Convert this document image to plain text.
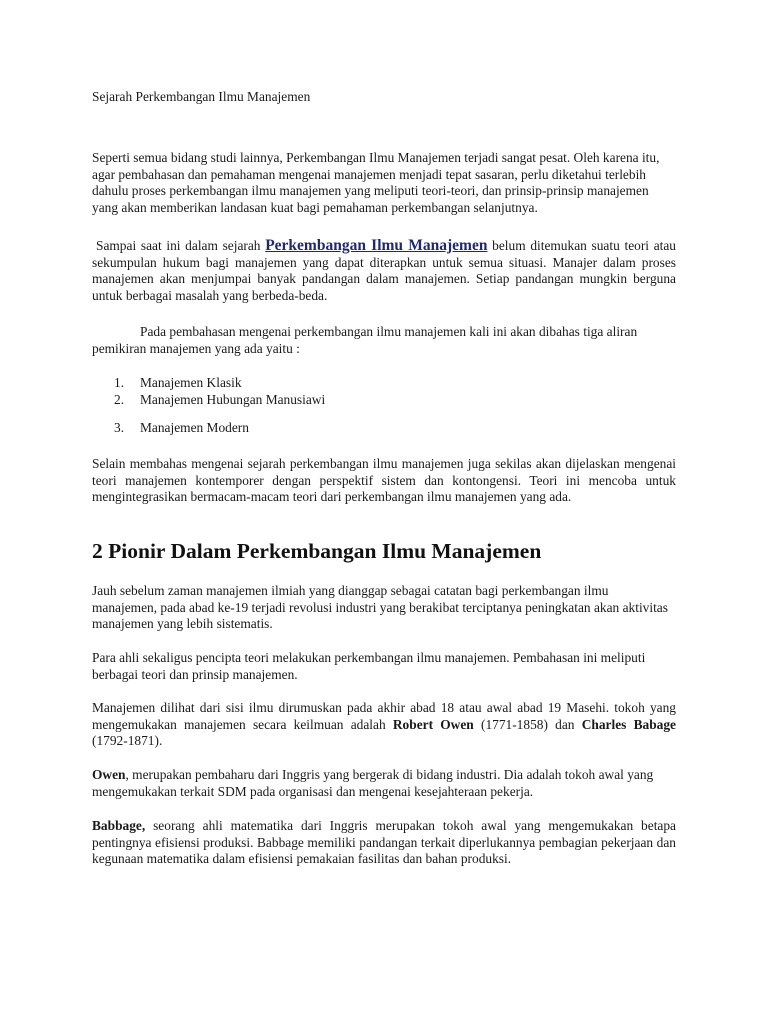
Sejarah Perkembangan Ilmu Manajemen
Seperti semua bidang studi lainnya, Perkembangan Ilmu Manajemen terjadi sangat pesat. Oleh karena itu, agar pembahasan dan pemahaman mengenai manajemen menjadi tepat sasaran, perlu diketahui terlebih dahulu proses perkembangan ilmu manajemen yang meliputi teori-teori, dan prinsip-prinsip manajemen yang akan memberikan landasan kuat bagi pemahaman perkembangan selanjutnya.
Sampai saat ini dalam sejarah Perkembangan Ilmu Manajemen belum ditemukan suatu teori atau sekumpulan hukum bagi manajemen yang dapat diterapkan untuk semua situasi. Manajer dalam proses manajemen akan menjumpai banyak pandangan dalam manajemen. Setiap pandangan mungkin berguna untuk berbagai masalah yang berbeda-beda.
Pada pembahasan mengenai perkembangan ilmu manajemen kali ini akan dibahas tiga aliran pemikiran manajemen yang ada yaitu :
1. Manajemen Klasik
2. Manajemen Hubungan Manusiawi
3. Manajemen Modern
Selain membahas mengenai sejarah perkembangan ilmu manajemen juga sekilas akan dijelaskan mengenai teori manajemen kontemporer dengan perspektif sistem dan kontongensi. Teori ini mencoba untuk mengintegrasikan bermacam-macam teori dari perkembangan ilmu manajemen yang ada.
2 Pionir Dalam Perkembangan Ilmu Manajemen
Jauh sebelum zaman manajemen ilmiah yang dianggap sebagai catatan bagi perkembangan ilmu manajemen, pada abad ke-19 terjadi revolusi industri yang berakibat terciptanya peningkatan akan aktivitas manajemen yang lebih sistematis.
Para ahli sekaligus pencipta teori melakukan perkembangan ilmu manajemen. Pembahasan ini meliputi berbagai teori dan prinsip manajemen.
Manajemen dilihat dari sisi ilmu dirumuskan pada akhir abad 18 atau awal abad 19 Masehi. tokoh yang mengemukakan manajemen secara keilmuan adalah Robert Owen (1771-1858) dan Charles Babage (1792-1871).
Owen, merupakan pembaharu dari Inggris yang bergerak di bidang industri. Dia adalah tokoh awal yang mengemukakan terkait SDM pada organisasi dan mengenai kesejahteraan pekerja.
Babbage, seorang ahli matematika dari Inggris merupakan tokoh awal yang mengemukakan betapa pentingnya efisiensi produksi. Babbage memiliki pandangan terkait diperlukannya pembagian pekerjaan dan kegunaan matematika dalam efisiensi pemakaian fasilitas dan bahan produksi.
